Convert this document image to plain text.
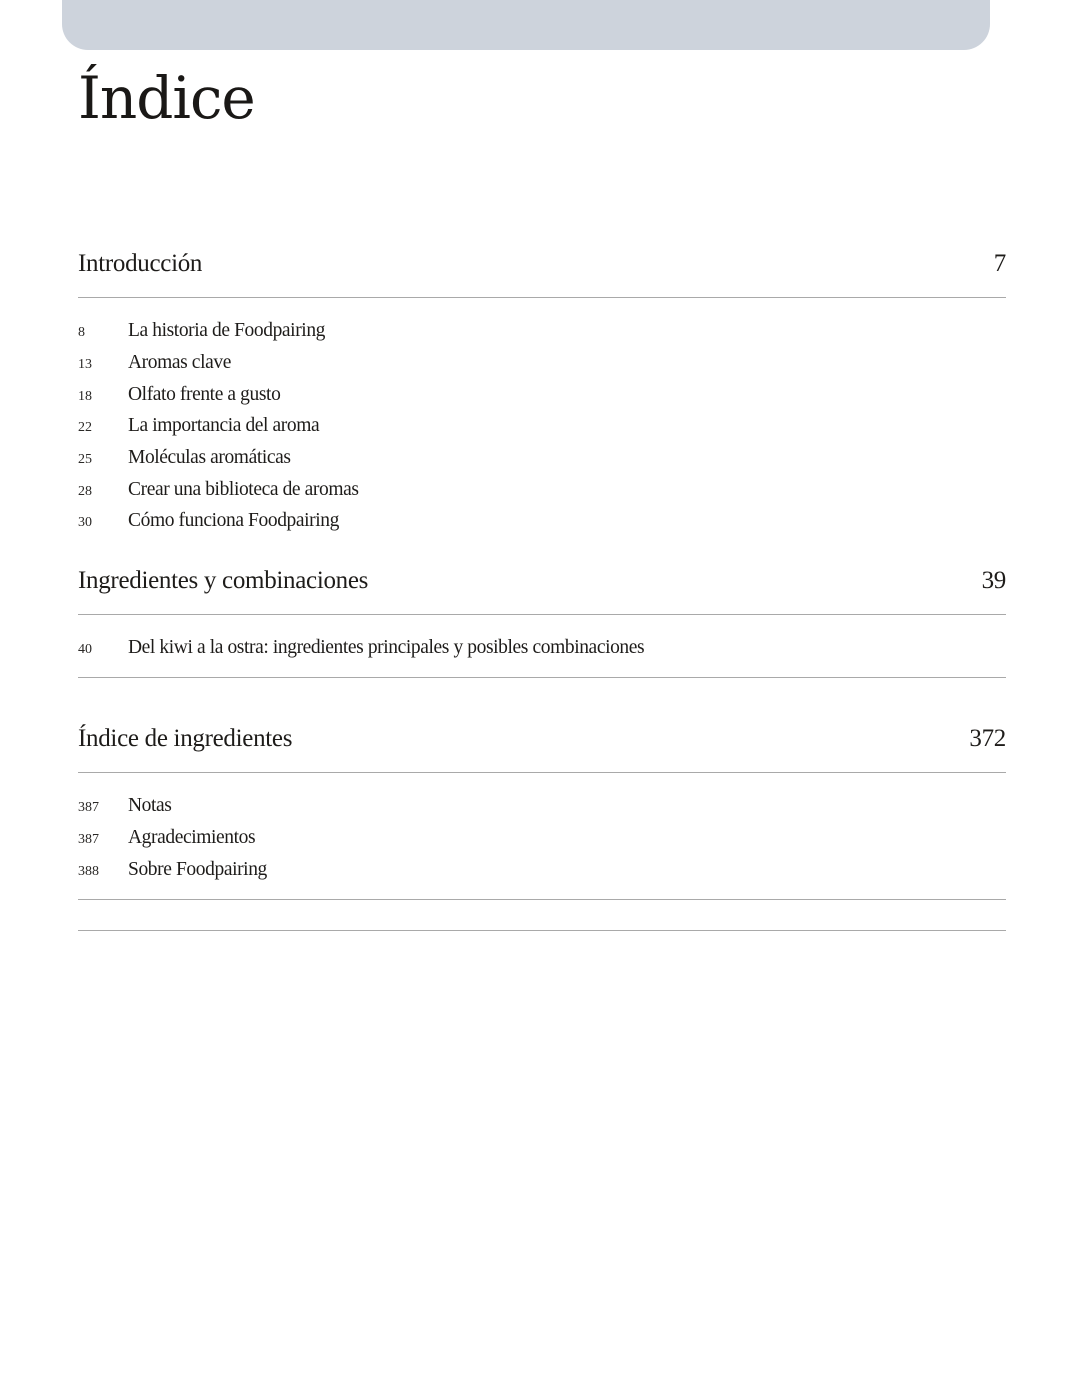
Índice
Introducción	7
8	La historia de Foodpairing
13	Aromas clave
18	Olfato frente a gusto
22	La importancia del aroma
25	Moléculas aromáticas
28	Crear una biblioteca de aromas
30	Cómo funciona Foodpairing
Ingredientes y combinaciones	39
40	Del kiwi a la ostra: ingredientes principales y posibles combinaciones
Índice de ingredientes	372
387	Notas
387	Agradecimientos
388	Sobre Foodpairing
